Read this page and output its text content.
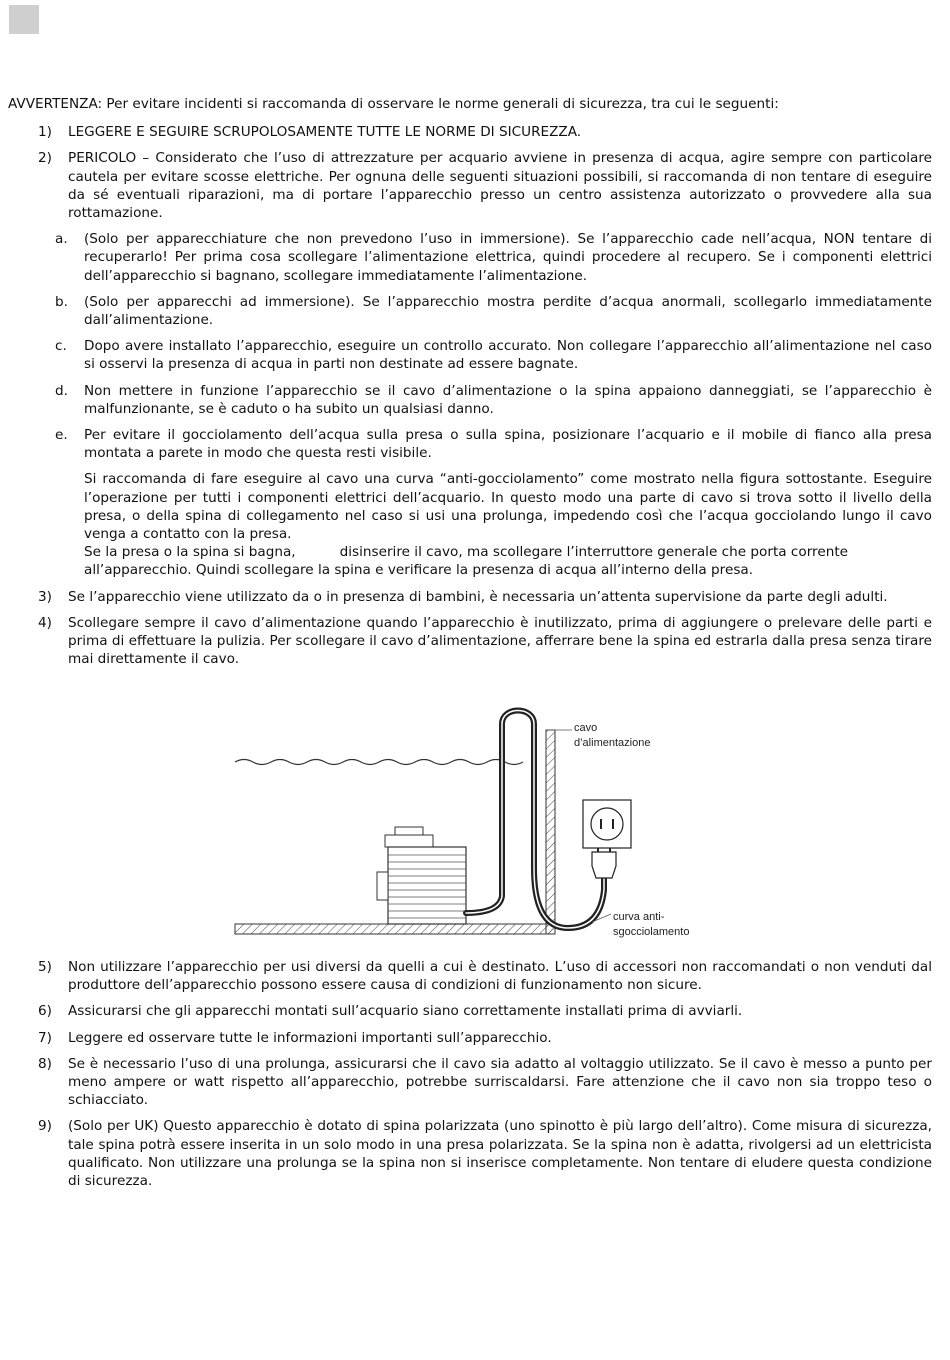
AVVERTENZA: Per evitare incidenti si raccomanda di osservare le norme generali di sicurezza, tra cui le seguenti:
1) LEGGERE E SEGUIRE SCRUPOLOSAMENTE TUTTE LE NORME DI SICUREZZA.
2) PERICOLO – Considerato che l’uso di attrezzature per acquario avviene in presenza di acqua, agire sempre con particolare cautela per evitare scosse elettriche. Per ognuna delle seguenti situazioni possibili, si raccomanda di non tentare di eseguire da sé eventuali riparazioni, ma di portare l’apparecchio presso un centro assistenza autorizzato o provvedere alla sua rottamazione.
a. (Solo per apparecchiature che non prevedono l’uso in immersione). Se l’apparecchio cade nell’acqua, NON tentare di recuperarlo! Per prima cosa scollegare l’alimentazione elettrica, quindi procedere al recupero. Se i componenti elettrici dell’apparecchio si bagnano, scollegare immediatamente l’alimentazione.
b. (Solo per apparecchi ad immersione). Se l’apparecchio mostra perdite d’acqua anormali, scollegarlo immediatamente dall’alimentazione.
c. Dopo avere installato l’apparecchio, eseguire un controllo accurato. Non collegare l’apparecchio all’alimentazione nel caso si osservi la presenza di acqua in parti non destinate ad essere bagnate.
d. Non mettere in funzione l’apparecchio se il cavo d’alimentazione o la spina appaiono danneggiati, se l’apparecchio è malfunzionante, se è caduto o ha subito un qualsiasi danno.
e. Per evitare il gocciolamento dell’acqua sulla presa o sulla spina, posizionare l’acquario e il mobile di fianco alla presa montata a parete in modo che questa resti visibile.

Si raccomanda di fare eseguire al cavo una curva “anti-gocciolamento” come mostrato nella figura sottostante. Eseguire l’operazione per tutti i componenti elettrici dell’acquario. In questo modo una parte di cavo si trova sotto il livello della presa, o della spina di collegamento nel caso si usi una prolunga, impedendo così che l’acqua gocciolando lungo il cavo venga a contatto con la presa.

Se la presa o la spina si bagna,	disinserire il cavo, ma scollegare l’interruttore generale che porta corrente all’apparecchio. Quindi scollegare la spina e verificare la presenza di acqua all’interno della presa.

3) Se l’apparecchio viene utilizzato da o in presenza di bambini, è necessaria un’attenta supervisione da parte degli adulti.
4) Scollegare sempre il cavo d’alimentazione quando l’apparecchio è inutilizzato, prima di aggiungere o prelevare delle parti e prima di effettuare la pulizia. Per scollegare il cavo d’alimentazione, afferrare bene la spina ed estrarla dalla presa senza tirare mai direttamente il cavo.
cavo
d’alimentazione
curva anti-
sgocciolamento
5) Non utilizzare l’apparecchio per usi diversi da quelli a cui è destinato. L’uso di accessori non raccomandati o non venduti dal produttore dell’apparecchio possono essere causa di condizioni di funzionamento non sicure.
6) Assicurarsi che gli apparecchi montati sull’acquario siano correttamente installati prima di avviarli.
7) Leggere ed osservare tutte le informazioni importanti sull’apparecchio.
8) Se è necessario l’uso di una prolunga, assicurarsi che il cavo sia adatto al voltaggio utilizzato. Se il cavo è messo a punto per meno ampere or watt rispetto all’apparecchio, potrebbe surriscaldarsi. Fare attenzione che il cavo non sia troppo teso o schiacciato.
9) (Solo per UK) Questo apparecchio è dotato di spina polarizzata (uno spinotto è più largo dell’altro). Come misura di sicurezza, tale spina potrà essere inserita in un solo modo in una presa polarizzata. Se la spina non è adatta, rivolgersi ad un elettricista qualificato. Non utilizzare una prolunga se la spina non si inserisce completamente. Non tentare di eludere questa condizione di sicurezza.
